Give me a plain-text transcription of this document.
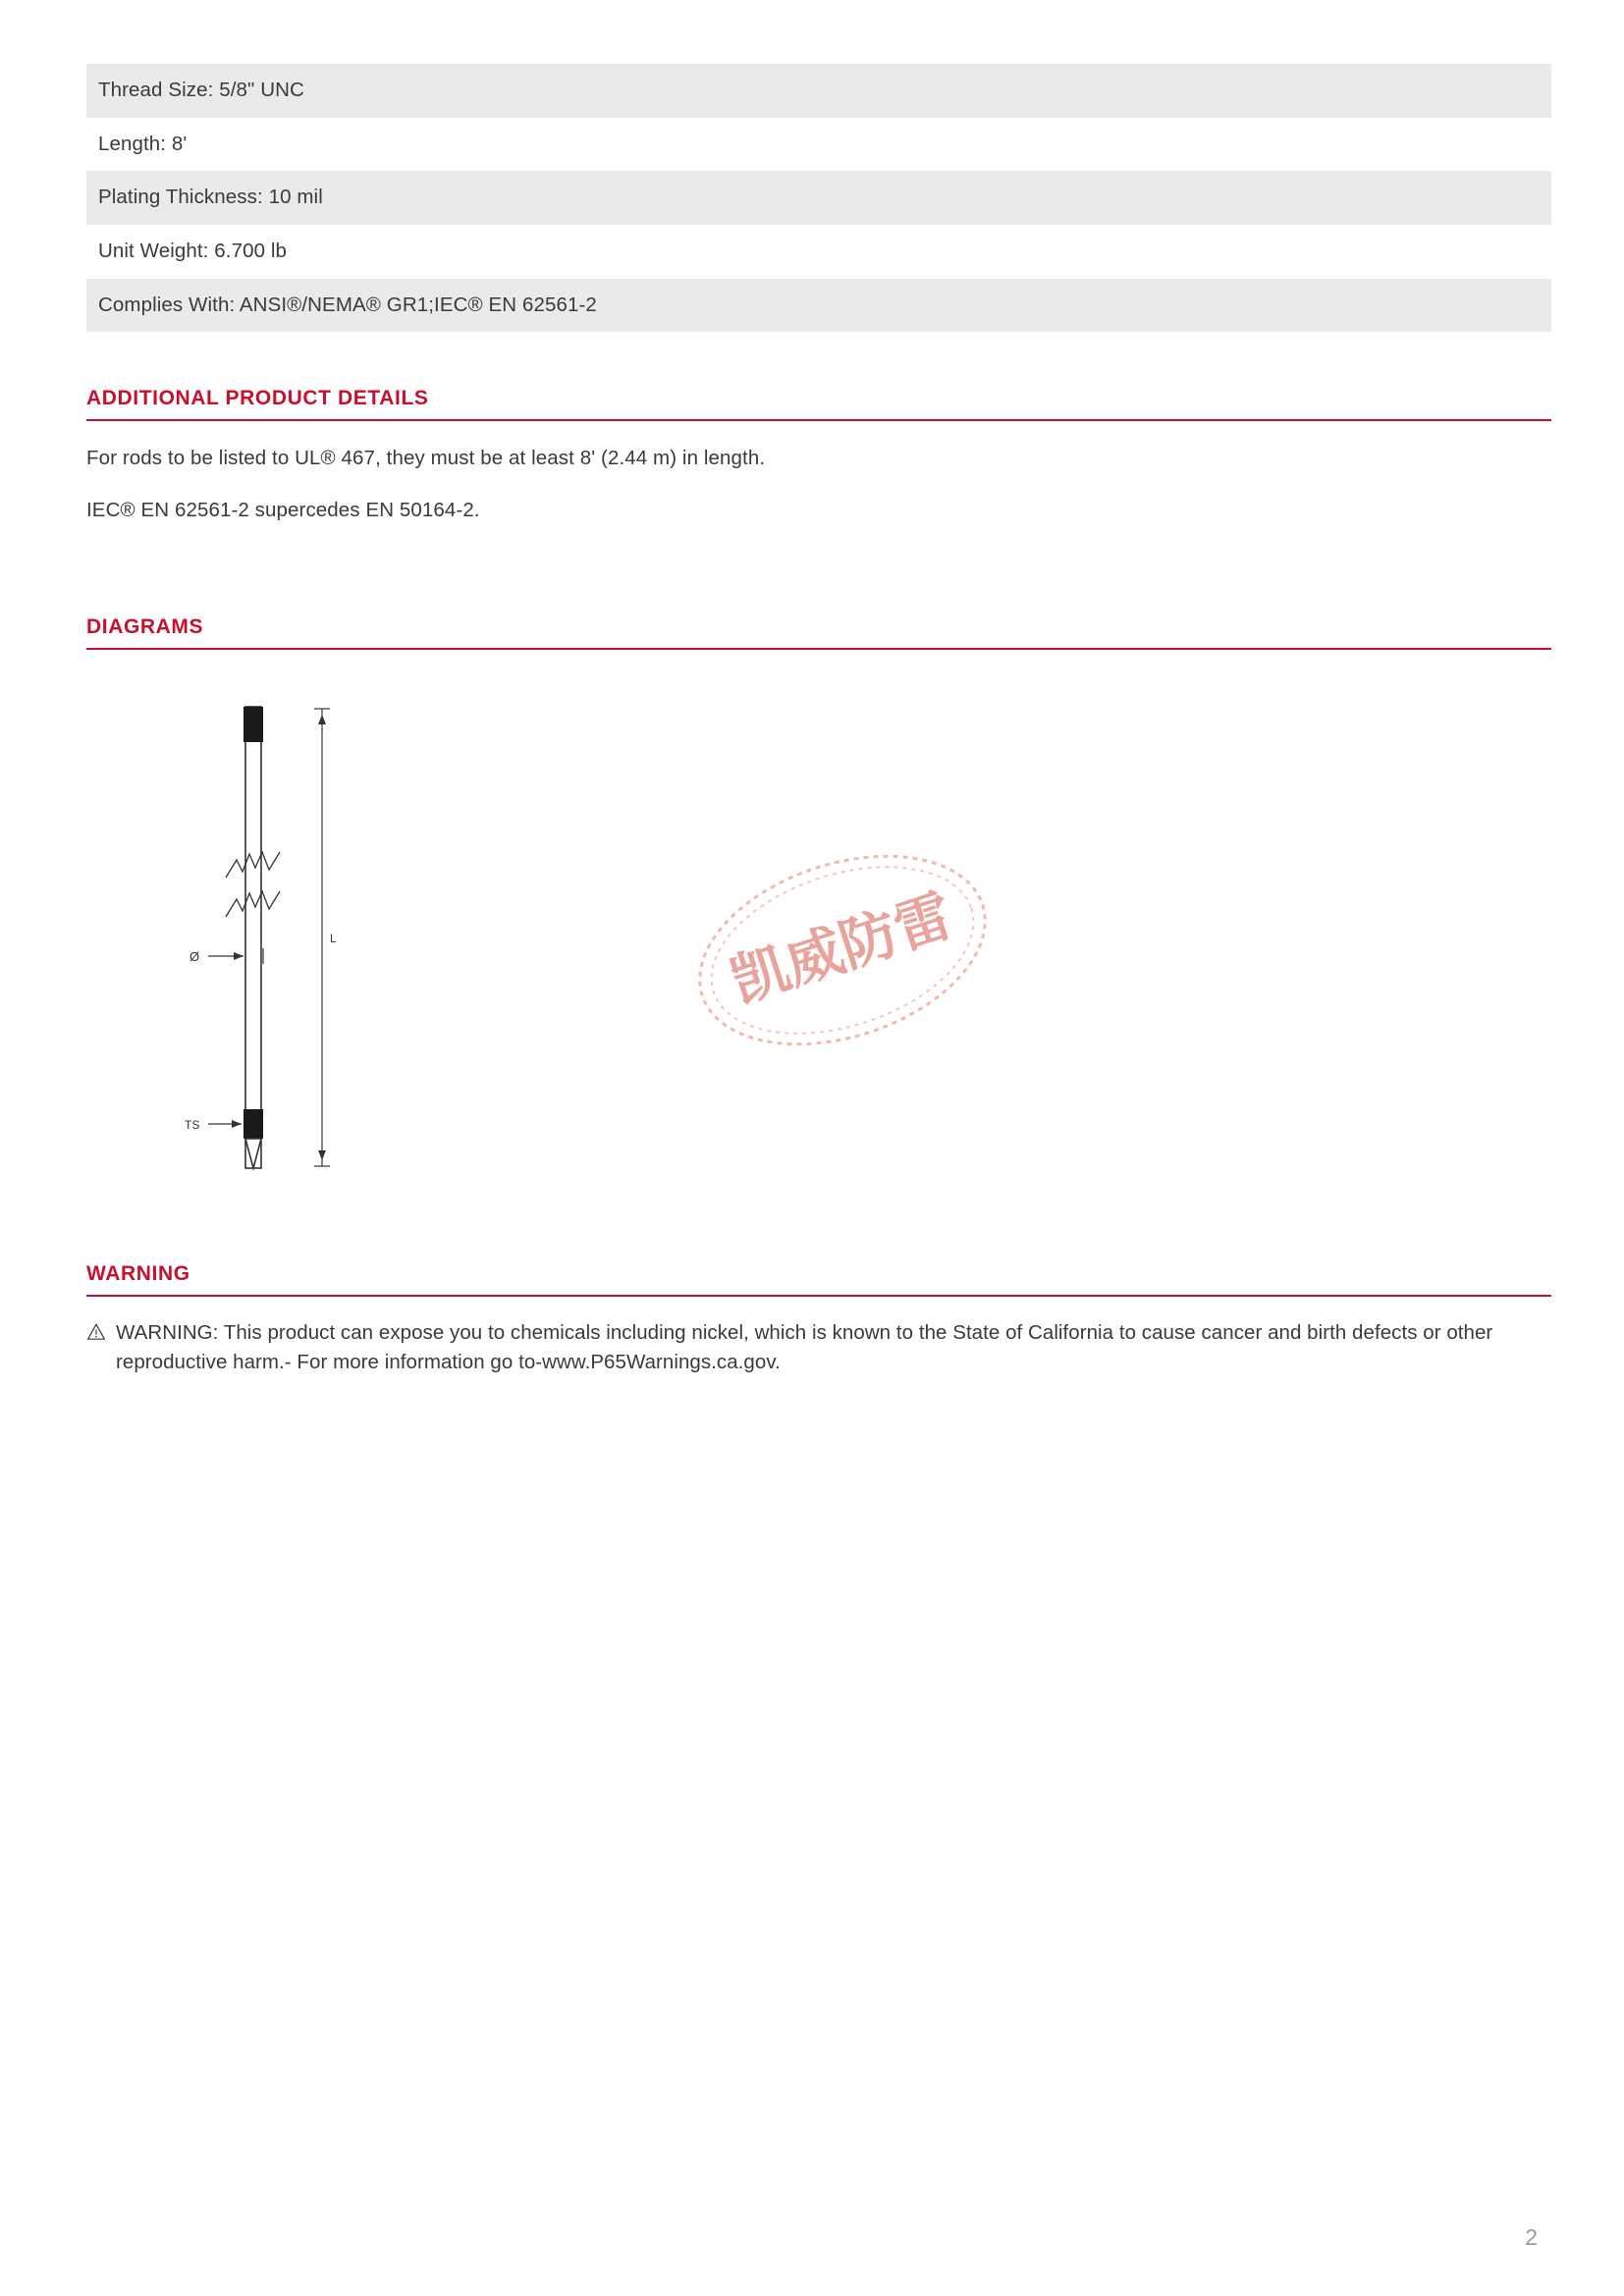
Thread Size: 5/8" UNC
Length: 8'
Plating Thickness: 10 mil
Unit Weight: 6.700 lb
Complies With: ANSI®/NEMA® GR1;IEC® EN 62561-2
ADDITIONAL PRODUCT DETAILS
For rods to be listed to UL® 467, they must be at least 8' (2.44 m) in length.
IEC® EN 62561-2 supercedes EN 50164-2.
DIAGRAMS
L
Ø
TS
凯威防雷
WARNING
WARNING: This product can expose you to chemicals including nickel, which is known to the State of California to cause cancer and birth defects or other reproductive harm.- For more information go to-www.P65Warnings.ca.gov.
2
